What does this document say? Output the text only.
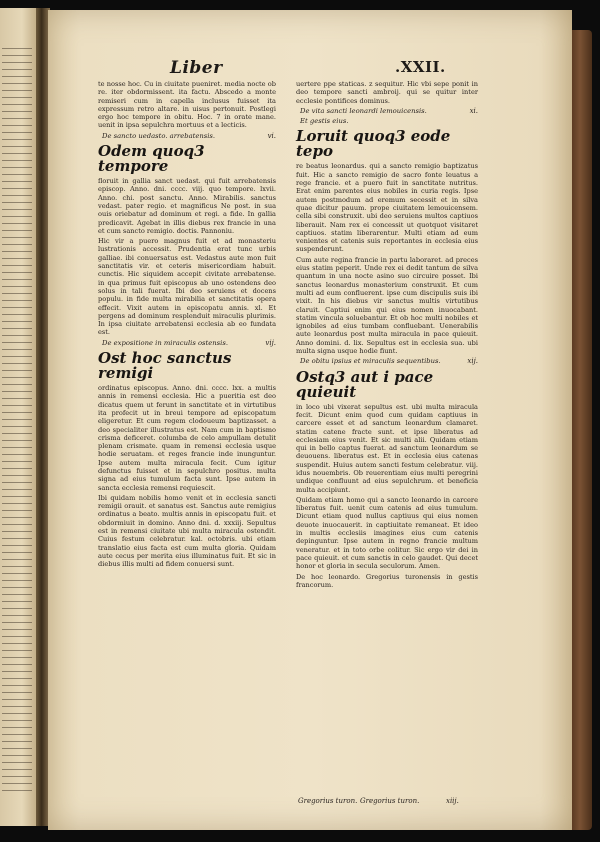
Liber	.XXII.

te nosse hoc. Cu in ciuitate pueniret. media nocte ob re. iter obdormissent. ita factu. Abscedo a monte remiseri cum in capella inclusus fuisset ita expressum retro altare. in uisus pertonuit. Postlegi ergo hoc tempore in obitu. Hoc. 7 in orate mane. uenit in ipsa sepulchra mortuus et a lecticis.

De sancto uedasto. arrebatensis.	vi.
Odem quoq3 tempore

floruit in gallia sanct uedast. qui fuit arrebatensis episcop. Anno. dni. cccc. viij. quo tempore. lxvii. Anno. chi. post sanctu. Anno. Mirabilis. sanctus vedast. pater regio. et magnificus Ne post. in sua ouis oriebatur ad dominum et regi. a fide. In gallia predicavit. Agebat in illis diebus rex francie in una et cum sancto remigio. doctis. Pannoniu.

Hic vir a puero magnus fuit et ad monasteriu lustrationis accessit. Prudentia erat tunc urbis galliae. ibi conuersatus est. Vedastus aute mon fuit sanctitatis vir. et ceteris misericordiam habuit. cunctis. Hic siquidem accepit civitate arrebatense. in qua primus fuit episcopus ab uno ostendens deo solus in tali fuerat. Ibi deo seruiens et docens populu. in fide multa mirabilia et sanctitatis opera effecit. Vixit autem in episcopatu annis. xl. Et pergens ad dominum resplenduit miraculis plurimis. In ipsa ciuitate arrebatensi ecclesia ab eo fundata est.

De expositione in miraculis ostensis.	vij.
Ost hoc sanctus remigi

ordinatus episcopus. Anno. dni. cccc. lxx. a multis annis in remensi ecclesia. Hic a pueritia est deo dicatus quem ut ferunt in sanctitate et in virtutibus ita profecit ut in breui tempore ad episcopatum eligeretur. Et cum regem clodoueum baptizasset. a deo specialiter illustratus est. Nam cum in baptismo crisma deficeret. columba de celo ampullam detulit plenam crismate. quam in remensi ecclesia usque hodie seruatam. et reges francie inde inunguntur. Ipse autem multa miracula fecit. Cum igitur defunctus fuisset et in sepulchro positus. multa signa ad eius tumulum facta sunt. Ipse autem in sancta ecclesia remensi requiescit.

Ibi quidam nobilis homo venit et in ecclesia sancti remigii orauit. et sanatus est. Sanctus aute remigius ordinatus a beato. multis annis in episcopatu fuit. et obdormiuit in domino. Anno dni. d. xxxiij. Sepultus est in remensi ciuitate ubi multa miracula ostendit. Cuius festum celebratur. kal. octobris. ubi etiam translatio eius facta est cum multa gloria. Quidam aute cecus per merita eius illuminatus fuit. Et sic in diebus illis multi ad fidem conuersi sunt.

uertere ppe staticas. z sequitur. Hic vbi sepe ponit in deo tempore sancti ambroij. qui se quitur inter ecclesie pontifices dominus.

De vita sancti leonardi lemouicensis.	xi.
Et gestis eius.
Loruit quoq3 eode tepo

re beatus leonardus. qui a sancto remigio baptizatus fuit. Hic a sancto remigio de sacro fonte leuatus a rege francie. et a puero fuit in sanctitate nutritus. Erat enim parentes eius nobiles in curia regis. Ipse autem postmodum ad eremum secessit et in silva quae dicitur pauum. prope ciuitatem lemouicensem. cella sibi construxit. ubi deo seruiens multos captiuos liberauit. Nam rex ei concessit ut quotquot visitaret captiuos. statim liberarentur. Multi etiam ad eum venientes et catenis suis reportantes in ecclesia eius suspenderunt.

Cum aute regina francie in partu laboraret. ad preces eius statim peperit. Unde rex ei dedit tantum de silva quantum in una nocte asino suo circuire posset. Ibi sanctus leonardus monasterium construxit. Et cum multi ad eum confluerent. ipse cum discipulis suis ibi vixit. In his diebus vir sanctus multis virtutibus claruit. Captiui enim qui eius nomen inuocabant. statim vincula soluebantur. Et ob hoc multi nobiles et ignobiles ad eius tumbam confluebant. Uenerabilis aute leonardus post multa miracula in pace quieuit. Anno domini. d. lix. Sepultus est in ecclesia sua. ubi multa signa usque hodie fiunt.

De obitu ipsius et miraculis sequentibus.	xij.
Ostq3 aut i pace quieuit

in loco ubi vixerat sepultus est. ubi multa miracula fecit. Dicunt enim quod cum quidam captiuus in carcere esset et ad sanctum leonardum clamaret. statim catene fracte sunt. et ipse liberatus ad ecclesiam eius venit. Et sic multi alii. Quidam etiam qui in bello captus fuerat. ad sanctum leonardum se deuouens. liberatus est. Et in ecclesia eius catenas suspendit. Huius autem sancti festum celebratur. viij. idus nouembris. Ob reuerentiam eius multi peregrini undique confluunt ad eius sepulchrum. et beneficia multa accipiunt.

Quidam etiam homo qui a sancto leonardo in carcere liberatus fuit. uenit cum catenis ad eius tumulum. Dicunt etiam quod nullus captiuus qui eius nomen deuote inuocauerit. in captiuitate remaneat. Et ideo in multis ecclesiis imagines eius cum catenis depinguntur. Ipse autem in regno francie multum veneratur. et in toto orbe colitur. Sic ergo vir dei in pace quieuit. et cum sanctis in celo gaudet. Qui decet honor et gloria in secula seculorum. Amen.

De hoc leonardo. Gregorius turonensis in gestis francorum.

Gregorius turon. Gregorius turon.	xiij.
